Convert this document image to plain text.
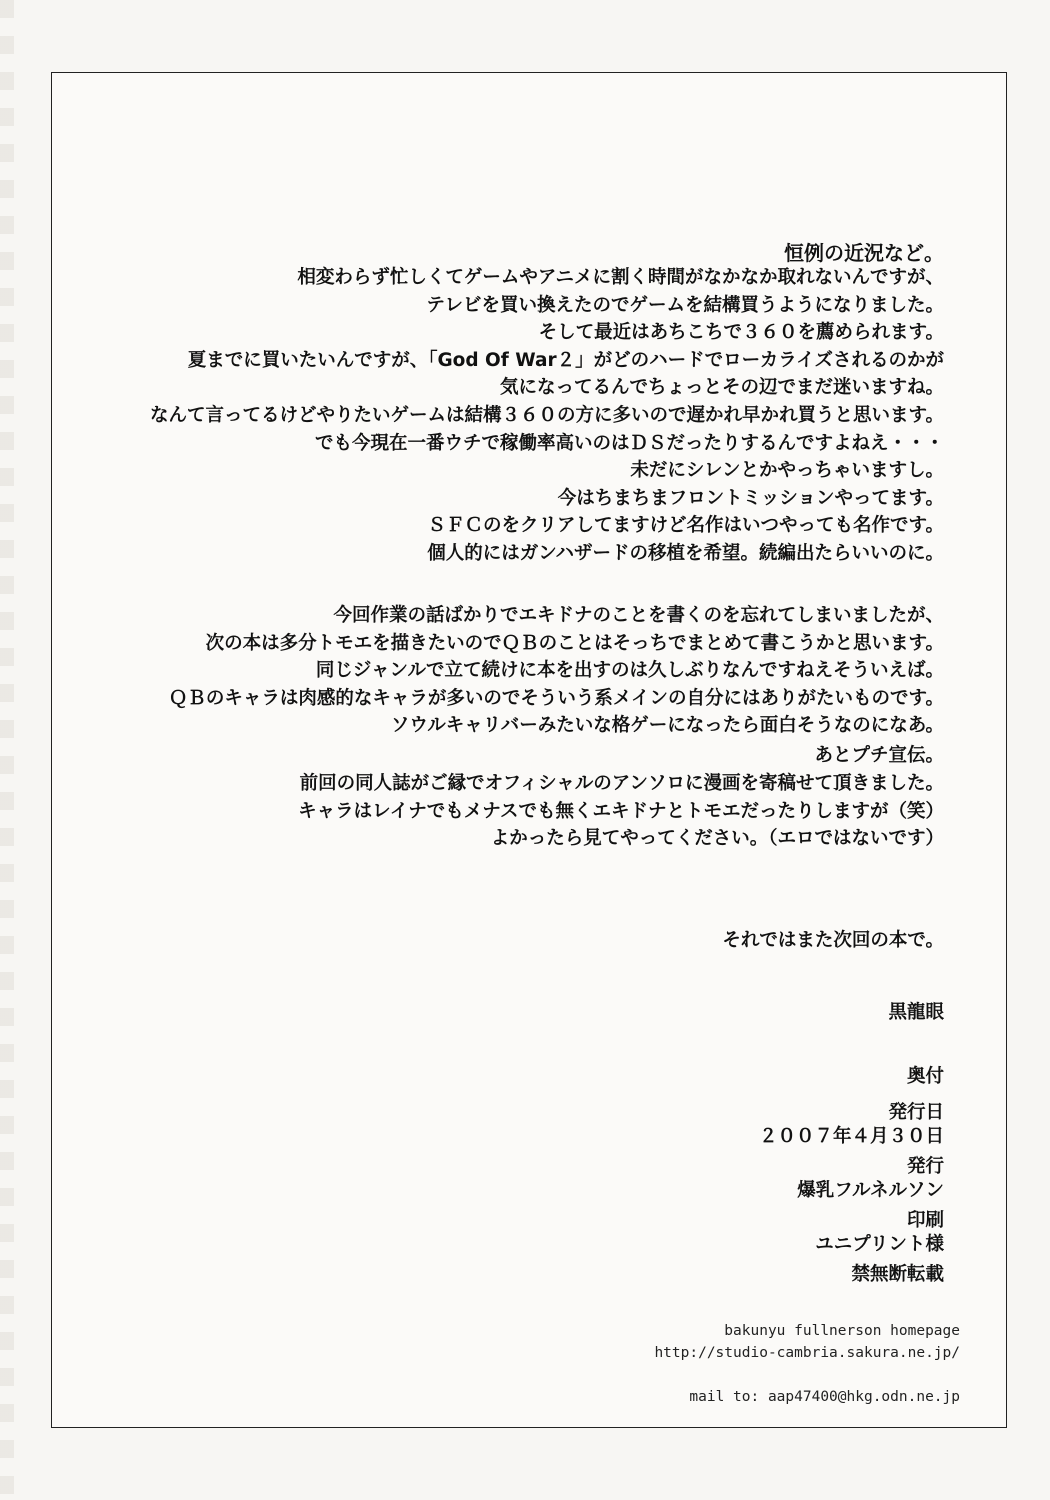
恒例の近況など。

相変わらず忙しくてゲームやアニメに割く時間がなかなか取れないんですが、

テレビを買い換えたのでゲームを結構買うようになりました。

そして最近はあちこちで３６０を薦められます。

夏までに買いたいんですが、「God Of War２」がどのハードでローカライズされるのかが

気になってるんでちょっとその辺でまだ迷いますね。

なんて言ってるけどやりたいゲームは結構３６０の方に多いので遅かれ早かれ買うと思います。

でも今現在一番ウチで稼働率高いのはＤＳだったりするんですよねえ・・・

未だにシレンとかやっちゃいますし。

今はちまちまフロントミッションやってます。

ＳＦＣのをクリアしてますけど名作はいつやっても名作です。

個人的にはガンハザードの移植を希望。続編出たらいいのに。

今回作業の話ばかりでエキドナのことを書くのを忘れてしまいましたが、

次の本は多分トモエを描きたいのでＱＢのことはそっちでまとめて書こうかと思います。

同じジャンルで立て続けに本を出すのは久しぶりなんですねえそういえば。

ＱＢのキャラは肉感的なキャラが多いのでそういう系メインの自分にはありがたいものです。

ソウルキャリバーみたいな格ゲーになったら面白そうなのになあ。

あとプチ宣伝。

前回の同人誌がご縁でオフィシャルのアンソロに漫画を寄稿せて頂きました。

キャラはレイナでもメナスでも無くエキドナとトモエだったりしますが（笑）

よかったら見てやってください。（エロではないです）

それではまた次回の本で。
黒龍眼

奥付

発行日

２００７年４月３０日

発行

爆乳フルネルソン

印刷

ユニプリント様

禁無断転載

bakunyu fullnerson homepage
http://studio-cambria.sakura.ne.jp/
mail to: aap47400@hkg.odn.ne.jp
